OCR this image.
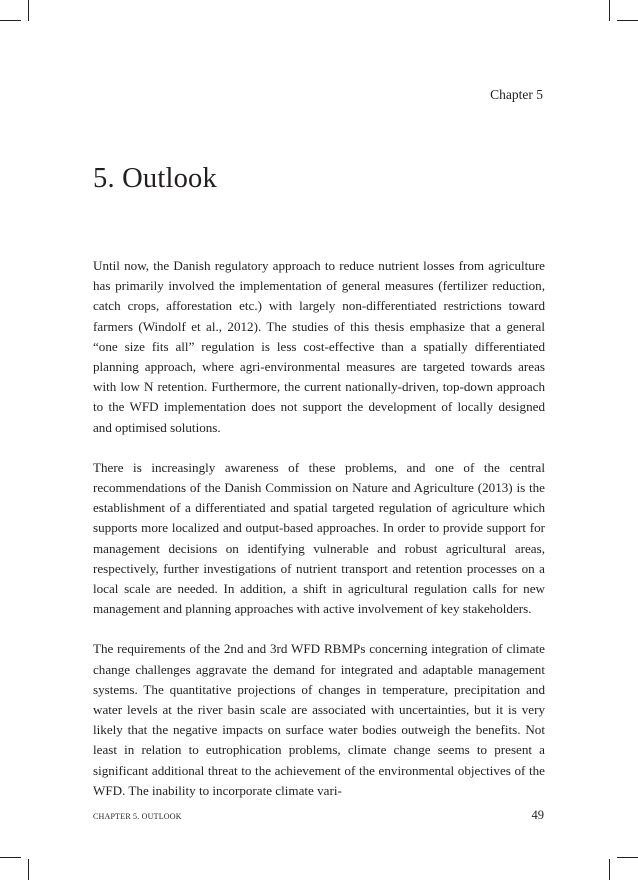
Chapter 5

5. Outlook

Until now, the Danish regulatory approach to reduce nutrient losses from agriculture has primarily involved the implementation of general measures (fertilizer reduction, catch crops, afforestation etc.) with largely non-differentiated restrictions toward farmers (Windolf et al., 2012). The studies of this thesis emphasize that a general “one size fits all” regulation is less cost-effective than a spatially differentiated planning approach, where agri-environmental measures are targeted towards areas with low N retention. Furthermore, the current nationally-driven, top-down approach to the WFD implementation does not support the development of locally designed and optimised solutions.

There is increasingly awareness of these problems, and one of the central recommendations of the Danish Commission on Nature and Agriculture (2013) is the establishment of a differentiated and spatial targeted regulation of agriculture which supports more localized and output-based approaches. In order to provide support for management decisions on identifying vulnerable and robust agricultural areas, respectively, further investigations of nutrient transport and retention processes on a local scale are needed. In addition, a shift in agricultural regulation calls for new management and planning approaches with active involvement of key stakeholders.

The requirements of the 2nd and 3rd WFD RBMPs concerning integration of climate change challenges aggravate the demand for integrated and adaptable management systems. The quantitative projections of changes in temperature, precipitation and water levels at the river basin scale are associated with uncertainties, but it is very likely that the negative impacts on surface water bodies outweigh the benefits. Not least in relation to eutrophication problems, climate change seems to present a significant additional threat to the achievement of the environmental objectives of the WFD. The inability to incorporate climate vari-

CHAPTER 5. OUTLOOK	49
